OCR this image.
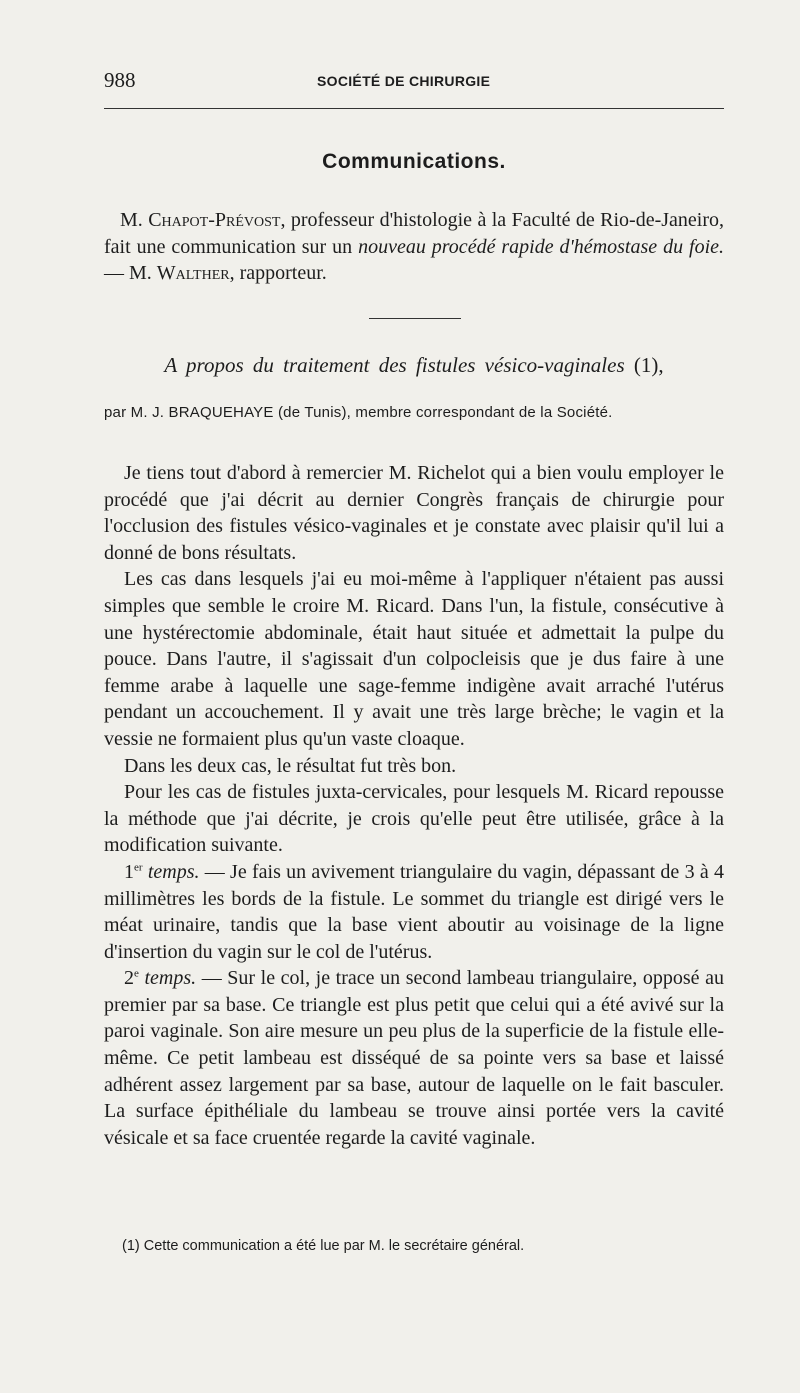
988	SOCIÉTÉ DE CHIRURGIE
Communications.
M. Chapot-Prévost, professeur d'histologie à la Faculté de Rio-de-Janeiro, fait une communication sur un nouveau procédé rapide d'hémostase du foie. — M. Walther, rapporteur.
A propos du traitement des fistules vésico-vaginales (1),
par M. J. BRAQUEHAYE (de Tunis), membre correspondant de la Société.

Je tiens tout d'abord à remercier M. Richelot qui a bien voulu employer le procédé que j'ai décrit au dernier Congrès français de chirurgie pour l'occlusion des fistules vésico-vaginales et je constate avec plaisir qu'il lui a donné de bons résultats.

Les cas dans lesquels j'ai eu moi-même à l'appliquer n'étaient pas aussi simples que semble le croire M. Ricard. Dans l'un, la fistule, consécutive à une hystérectomie abdominale, était haut située et admettait la pulpe du pouce. Dans l'autre, il s'agissait d'un colpocleisis que je dus faire à une femme arabe à laquelle une sage-femme indigène avait arraché l'utérus pendant un accouchement. Il y avait une très large brèche; le vagin et la vessie ne formaient plus qu'un vaste cloaque.

Dans les deux cas, le résultat fut très bon.

Pour les cas de fistules juxta-cervicales, pour lesquels M. Ricard repousse la méthode que j'ai décrite, je crois qu'elle peut être utilisée, grâce à la modification suivante.

1er temps. — Je fais un avivement triangulaire du vagin, dépassant de 3 à 4 millimètres les bords de la fistule. Le sommet du triangle est dirigé vers le méat urinaire, tandis que la base vient aboutir au voisinage de la ligne d'insertion du vagin sur le col de l'utérus.

2e temps. — Sur le col, je trace un second lambeau triangulaire, opposé au premier par sa base. Ce triangle est plus petit que celui qui a été avivé sur la paroi vaginale. Son aire mesure un peu plus de la superficie de la fistule elle-même. Ce petit lambeau est disséqué de sa pointe vers sa base et laissé adhérent assez largement par sa base, autour de laquelle on le fait basculer. La surface épithéliale du lambeau se trouve ainsi portée vers la cavité vésicale et sa face cruentée regarde la cavité vaginale.

(1) Cette communication a été lue par M. le secrétaire général.
